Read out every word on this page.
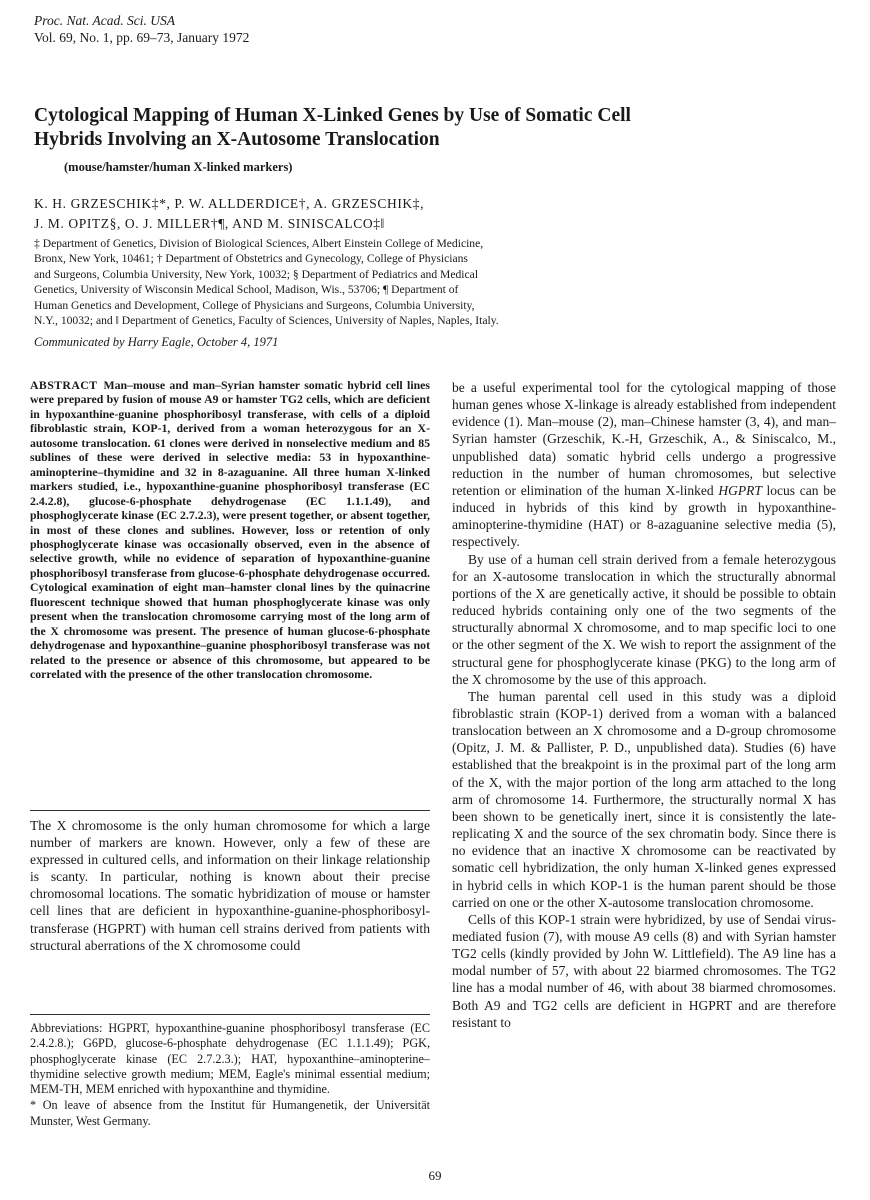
Proc. Nat. Acad. Sci. USA
Vol. 69, No. 1, pp. 69–73, January 1972
Cytological Mapping of Human X-Linked Genes by Use of Somatic Cell
Hybrids Involving an X-Autosome Translocation
(mouse/hamster/human X-linked markers)
K. H. GRZESCHIK‡*, P. W. ALLDERDICE†, A. GRZESCHIK‡,
J. M. OPITZ§, O. J. MILLER†¶, AND M. SINISCALCO‡‖
‡ Department of Genetics, Division of Biological Sciences, Albert Einstein College of Medicine,
Bronx, New York, 10461; † Department of Obstetrics and Gynecology, College of Physicians
and Surgeons, Columbia University, New York, 10032; § Department of Pediatrics and Medical
Genetics, University of Wisconsin Medical School, Madison, Wis., 53706; ¶ Department of
Human Genetics and Development, College of Physicians and Surgeons, Columbia University,
N.Y., 10032; and ‖ Department of Genetics, Faculty of Sciences, University of Naples, Naples, Italy.
Communicated by Harry Eagle, October 4, 1971
ABSTRACT Man–mouse and man–Syrian hamster somatic hybrid cell lines were prepared by fusion of mouse A9 or hamster TG2 cells, which are deficient in hypoxanthine-guanine phosphoribosyl transferase, with cells of a diploid fibroblastic strain, KOP-1, derived from a woman heterozygous for an X-autosome translocation. 61 clones were derived in nonselective medium and 85 sublines of these were derived in selective media: 53 in hypoxanthine-aminopterine–thymidine and 32 in 8-azaguanine. All three human X-linked markers studied, i.e., hypoxanthine-guanine phosphoribosyl transferase (EC 2.4.2.8), glucose-6-phosphate dehydrogenase (EC 1.1.1.49), and phosphoglycerate kinase (EC 2.7.2.3), were present together, or absent together, in most of these clones and sublines. However, loss or retention of only phosphoglycerate kinase was occasionally observed, even in the absence of selective growth, while no evidence of separation of hypoxanthine-guanine phosphoribosyl transferase from glucose-6-phosphate dehydrogenase occurred. Cytological examination of eight man–hamster clonal lines by the quinacrine fluorescent technique showed that human phosphoglycerate kinase was only present when the translocation chromosome carrying most of the long arm of the X chromosome was present. The presence of human glucose-6-phosphate dehydrogenase and hypoxanthine–guanine phosphoribosyl transferase was not related to the presence or absence of this chromosome, but appeared to be correlated with the presence of the other translocation chromosome.

The X chromosome is the only human chromosome for which a large number of markers are known. However, only a few of these are expressed in cultured cells, and information on their linkage relationship is scanty. In particular, nothing is known about their precise chromosomal locations. The somatic hybridization of mouse or hamster cell lines that are deficient in hypoxanthine-guanine-phosphoribosyl-transferase (HGPRT) with human cell strains derived from patients with structural aberrations of the X chromosome could

Abbreviations: HGPRT, hypoxanthine-guanine phosphoribosyl transferase (EC 2.4.2.8.); G6PD, glucose-6-phosphate dehydrogenase (EC 1.1.1.49); PGK, phosphoglycerate kinase (EC 2.7.2.3.); HAT, hypoxanthine–aminopterine–thymidine selective growth medium; MEM, Eagle's minimal essential medium; MEM-TH, MEM enriched with hypoxanthine and thymidine.

* On leave of absence from the Institut für Humangenetik, der Universität Munster, West Germany.

be a useful experimental tool for the cytological mapping of those human genes whose X-linkage is already established from independent evidence (1). Man–mouse (2), man–Chinese hamster (3, 4), and man–Syrian hamster (Grzeschik, K.-H, Grzeschik, A., & Siniscalco, M., unpublished data) somatic hybrid cells undergo a progressive reduction in the number of human chromosomes, but selective retention or elimination of the human X-linked HGPRT locus can be induced in hybrids of this kind by growth in hypoxanthine-aminopterine-thymidine (HAT) or 8-azaguanine selective media (5), respectively.

By use of a human cell strain derived from a female heterozygous for an X-autosome translocation in which the structurally abnormal portions of the X are genetically active, it should be possible to obtain reduced hybrids containing only one of the two segments of the structurally abnormal X chromosome, and to map specific loci to one or the other segment of the X. We wish to report the assignment of the structural gene for phosphoglycerate kinase (PKG) to the long arm of the X chromosome by the use of this approach.

The human parental cell used in this study was a diploid fibroblastic strain (KOP-1) derived from a woman with a balanced translocation between an X chromosome and a D-group chromosome (Opitz, J. M. & Pallister, P. D., unpublished data). Studies (6) have established that the breakpoint is in the proximal part of the long arm of the X, with the major portion of the long arm attached to the long arm of chromosome 14. Furthermore, the structurally normal X has been shown to be genetically inert, since it is consistently the late-replicating X and the source of the sex chromatin body. Since there is no evidence that an inactive X chromosome can be reactivated by somatic cell hybridization, the only human X-linked genes expressed in hybrid cells in which KOP-1 is the human parent should be those carried on one or the other X-autosome translocation chromosome.

Cells of this KOP-1 strain were hybridized, by use of Sendai virus-mediated fusion (7), with mouse A9 cells (8) and with Syrian hamster TG2 cells (kindly provided by John W. Littlefield). The A9 line has a modal number of 57, with about 22 biarmed chromosomes. The TG2 line has a modal number of 46, with about 38 biarmed chromosomes. Both A9 and TG2 cells are deficient in HGPRT and are therefore resistant to

69
